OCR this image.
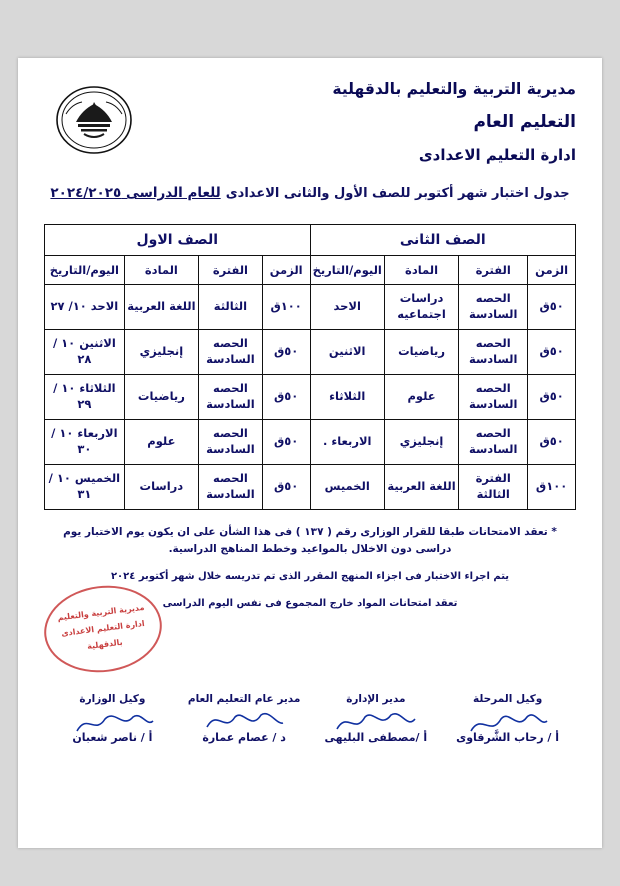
مديرية التربية والتعليم بالدقهلية
التعليم العام
ادارة التعليم الاعدادى
جدول اختبار شهر أكتوبر للصف الأول والثانى الاعدادى للعام الدراسى ٢٠٢٤/٢٠٢٥
الصف الثانى				الصف الاول			
الزمن	الفترة	المادة	اليوم/التاريخ	الزمن	الفترة	المادة	اليوم/التاريخ
٥٠ق	الحصه السادسة	دراسات اجتماعيه	الاحد	١٠٠ق	الثالثة	اللغة العربية	الاحد ١٠/ ٢٧
٥٠ق	الحصه السادسة	رياضيات	الاثنين	٥٠ق	الحصه السادسة	إنجليزي	الاثنين ١٠ / ٢٨
٥٠ق	الحصه السادسة	علوم	الثلاثاء	٥٠ق	الحصه السادسة	رياضيات	الثلاثاء ١٠ / ٢٩
٥٠ق	الحصه السادسة	إنجليزي	الاربعاء .	٥٠ق	الحصه السادسة	علوم	الاربعاء ١٠ / ٣٠
١٠٠ق	الفترة الثالثة	اللغة العربية	الخميس	٥٠ق	الحصه السادسة	دراسات	الخميس ١٠ / ٣١
* تعقد الامتحانات طبقا للقرار الوزارى رقم ( ١٣٧ ) فى هذا الشأن على ان يكون يوم الاختبار يوم دراسى دون الاخلال بالمواعيد وخطط المناهج الدراسية.
يتم اجراء الاختبار فى اجزاء المنهج المقرر الذى تم تدريسه خلال شهر أكتوبر ٢٠٢٤
تعقد امتحانات المواد خارج المجموع فى نفس اليوم الدراسى
مديرية التربية والتعليم
ادارة التعليم الاعدادى
بالدقهلية
وكيل المرحلة
أ / رحاب الشَّرقاوى
مدير الإدارة
أ /مصطفى البليهى
مدير عام التعليم العام
د / عصام عمارة
وكيل الوزارة
أ / ناصر شعبان
